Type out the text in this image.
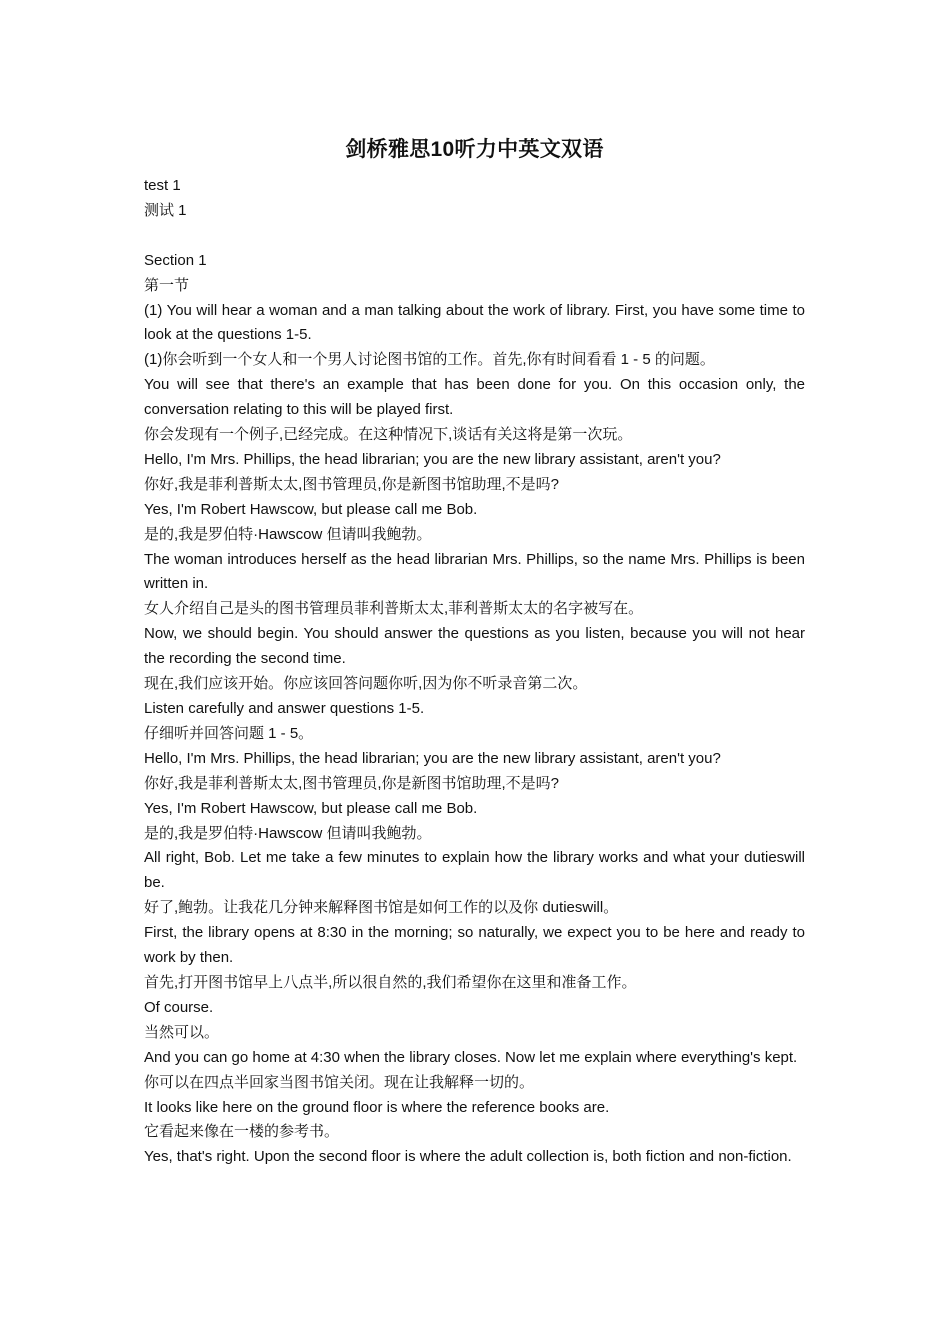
剑桥雅思10听力中英文双语

test 1

测试 1

Section 1

第一节

(1) You will hear a woman and a man talking about the work of library. First, you have some time to look at the questions 1-5.

(1)你会听到一个女人和一个男人讨论图书馆的工作。首先,你有时间看看 1 - 5 的问题。

You will see that there's an example that has been done for you. On this occasion only, the conversation relating to this will be played first.

你会发现有一个例子,已经完成。在这种情况下,谈话有关这将是第一次玩。

Hello, I'm Mrs. Phillips, the head librarian; you are the new library assistant, aren't you?

你好,我是菲利普斯太太,图书管理员,你是新图书馆助理,不是吗?

Yes, I'm Robert Hawscow, but please call me Bob.

是的,我是罗伯特·Hawscow 但请叫我鲍勃。

The woman introduces herself as the head librarian Mrs. Phillips, so the name Mrs. Phillips is been written in.

女人介绍自己是头的图书管理员菲利普斯太太,菲利普斯太太的名字被写在。

Now, we should begin. You should answer the questions as you listen, because you will not hear the recording the second time.

现在,我们应该开始。你应该回答问题你听,因为你不听录音第二次。

Listen carefully and answer questions 1-5.

仔细听并回答问题 1 - 5。

Hello, I'm Mrs. Phillips, the head librarian; you are the new library assistant, aren't you?

你好,我是菲利普斯太太,图书管理员,你是新图书馆助理,不是吗?

Yes, I'm Robert Hawscow, but please call me Bob.

是的,我是罗伯特·Hawscow 但请叫我鲍勃。

All right, Bob. Let me take a few minutes to explain how the library works and what your dutieswill be.

好了,鲍勃。让我花几分钟来解释图书馆是如何工作的以及你 dutieswill。

First, the library opens at 8:30 in the morning; so naturally, we expect you to be here and ready to work by then.

首先,打开图书馆早上八点半,所以很自然的,我们希望你在这里和准备工作。

Of course.

当然可以。

And you can go home at 4:30 when the library closes. Now let me explain where everything's kept.

你可以在四点半回家当图书馆关闭。现在让我解释一切的。

It looks like here on the ground floor is where the reference books are.

它看起来像在一楼的参考书。

Yes, that's right. Upon the second floor is where the adult collection is, both fiction and non-fiction.
